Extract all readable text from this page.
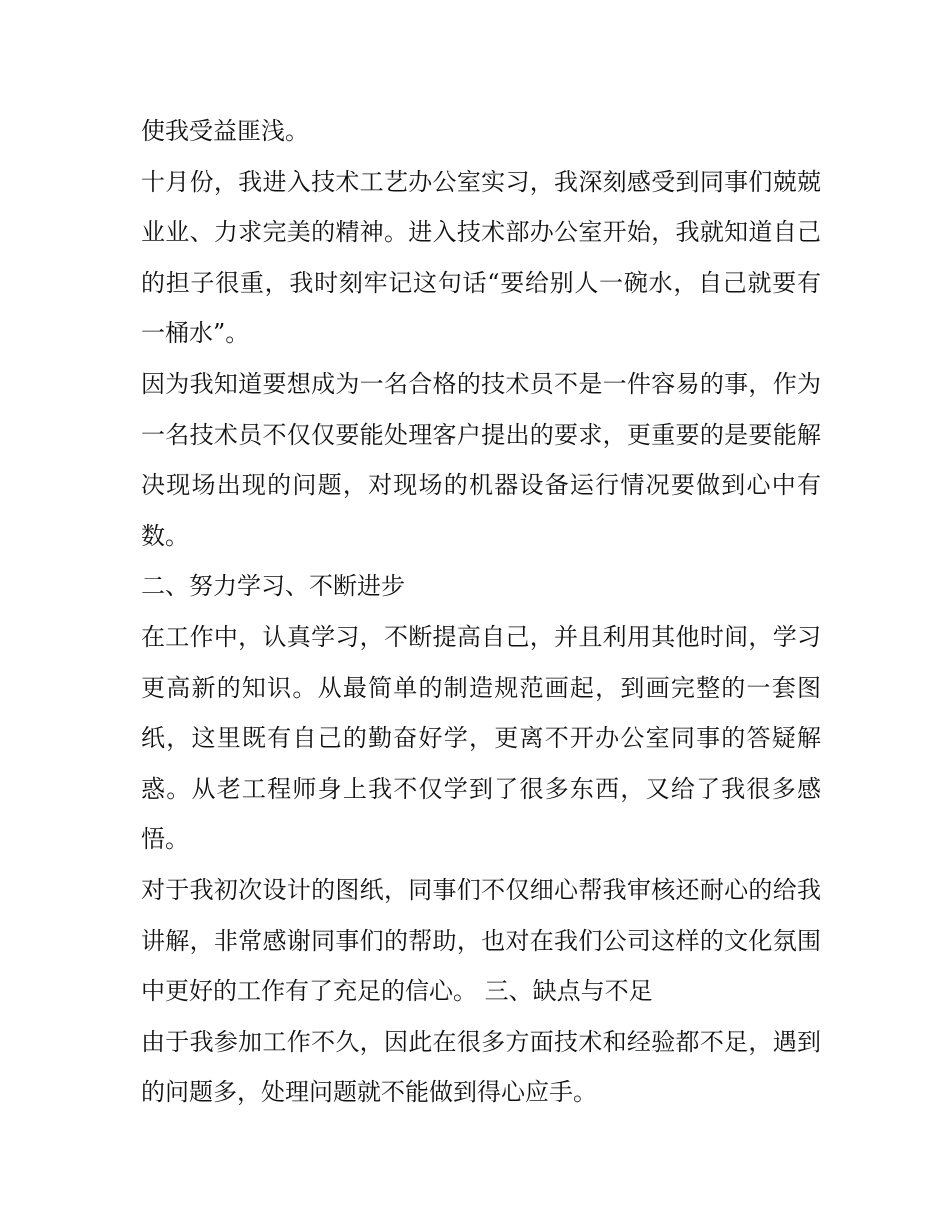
使我受益匪浅。

十月份，我进入技术工艺办公室实习，我深刻感受到同事们兢兢业业、力求完美的精神。进入技术部办公室开始，我就知道自己的担子很重，我时刻牢记这句话“要给别人一碗水，自己就要有一桶水”。

因为我知道要想成为一名合格的技术员不是一件容易的事，作为一名技术员不仅仅要能处理客户提出的要求，更重要的是要能解决现场出现的问题，对现场的机器设备运行情况要做到心中有数。

二、努力学习、不断进步

在工作中，认真学习，不断提高自己，并且利用其他时间，学习更高新的知识。从最简单的制造规范画起，到画完整的一套图纸，这里既有自己的勤奋好学，更离不开办公室同事的答疑解惑。从老工程师身上我不仅学到了很多东西，又给了我很多感悟。

对于我初次设计的图纸，同事们不仅细心帮我审核还耐心的给我讲解，非常感谢同事们的帮助，也对在我们公司这样的文化氛围中更好的工作有了充足的信心。 三、缺点与不足

由于我参加工作不久，因此在很多方面技术和经验都不足，遇到的问题多，处理问题就不能做到得心应手。
